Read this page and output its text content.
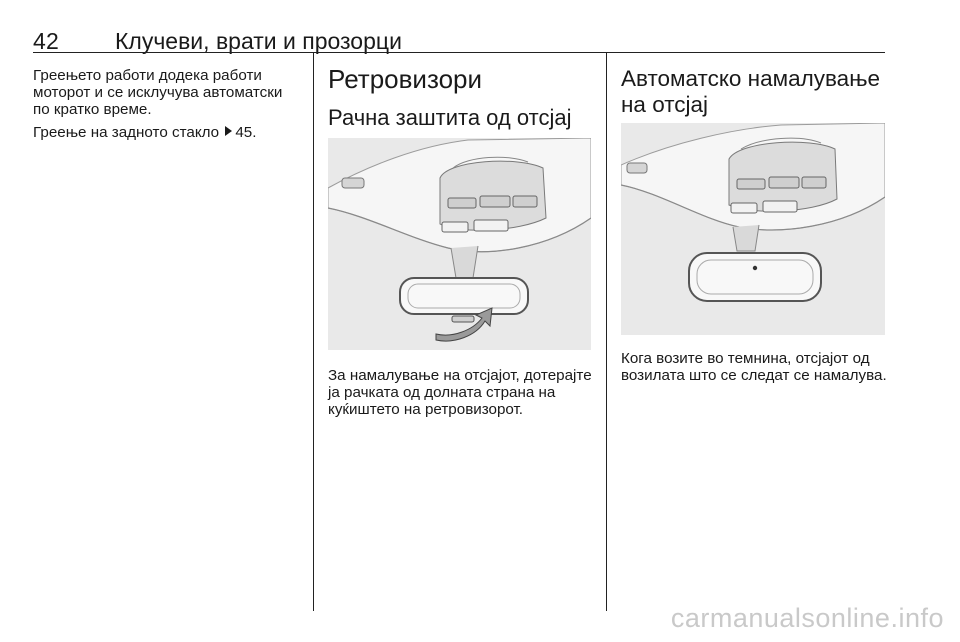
42 Клучеви, врати и прозорци

Греењето работи додека работи моторот и се исклучува автоматски по кратко време.

Греење на задното стакло 45.

Ретровизори
Рачна заштита од отсјај

За намалување на отсјајот, дотерајте ја рачката од долната страна на куќиштето на ретровизорот.

Автоматско намалување на отсјај

Кога возите во темнина, отсјајот од возилата што се следат се намалува.

carmanualsonline.info
